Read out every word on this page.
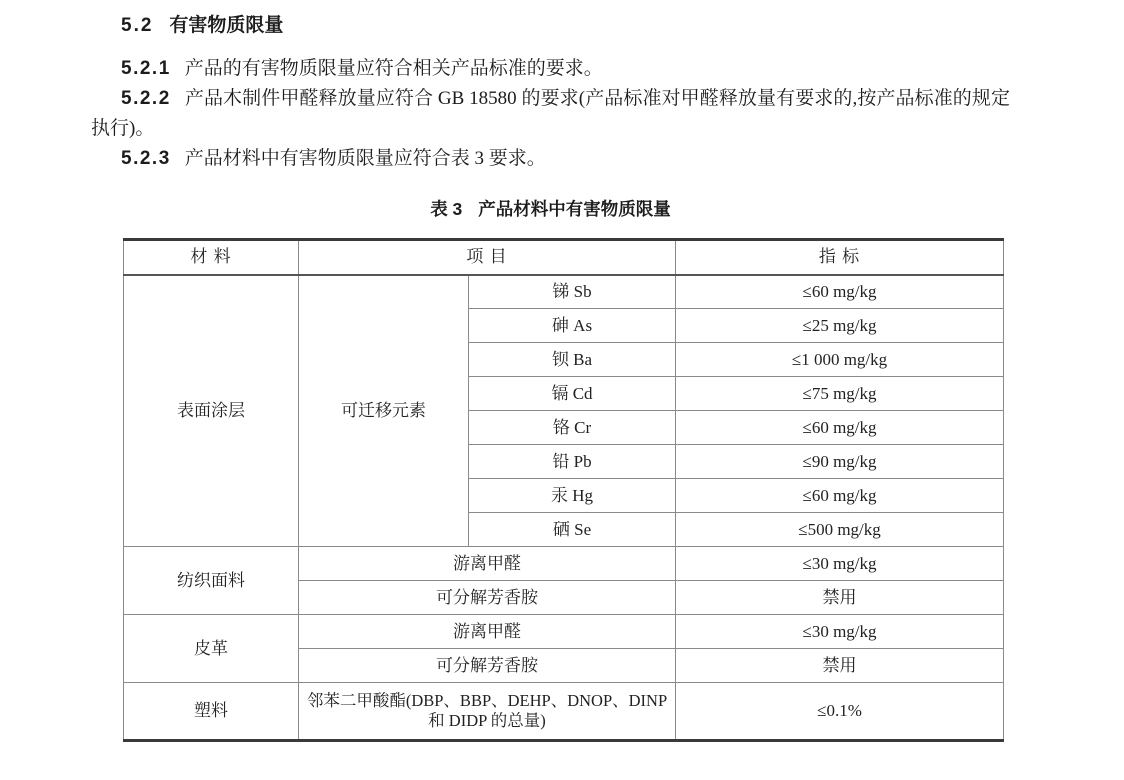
5.2 有害物质限量

5.2.1 产品的有害物质限量应符合相关产品标准的要求。

5.2.2 产品木制件甲醛释放量应符合 GB 18580 的要求(产品标准对甲醛释放量有要求的,按产品标准的规定执行)。

5.2.3 产品材料中有害物质限量应符合表 3 要求。

表 3 产品材料中有害物质限量

材 料	项 目		指 标
表面涂层	可迁移元素	锑 Sb	≤60 mg/kg
		砷 As	≤25 mg/kg
		钡 Ba	≤1 000 mg/kg
		镉 Cd	≤75 mg/kg
		铬 Cr	≤60 mg/kg
		铅 Pb	≤90 mg/kg
		汞 Hg	≤60 mg/kg
		硒 Se	≤500 mg/kg
纺织面料	游离甲醛		≤30 mg/kg
	可分解芳香胺		禁用
皮革	游离甲醛		≤30 mg/kg
	可分解芳香胺		禁用
塑料	邻苯二甲酸酯(DBP、BBP、DEHP、DNOP、DINP 和 DIDP 的总量)		≤0.1%
